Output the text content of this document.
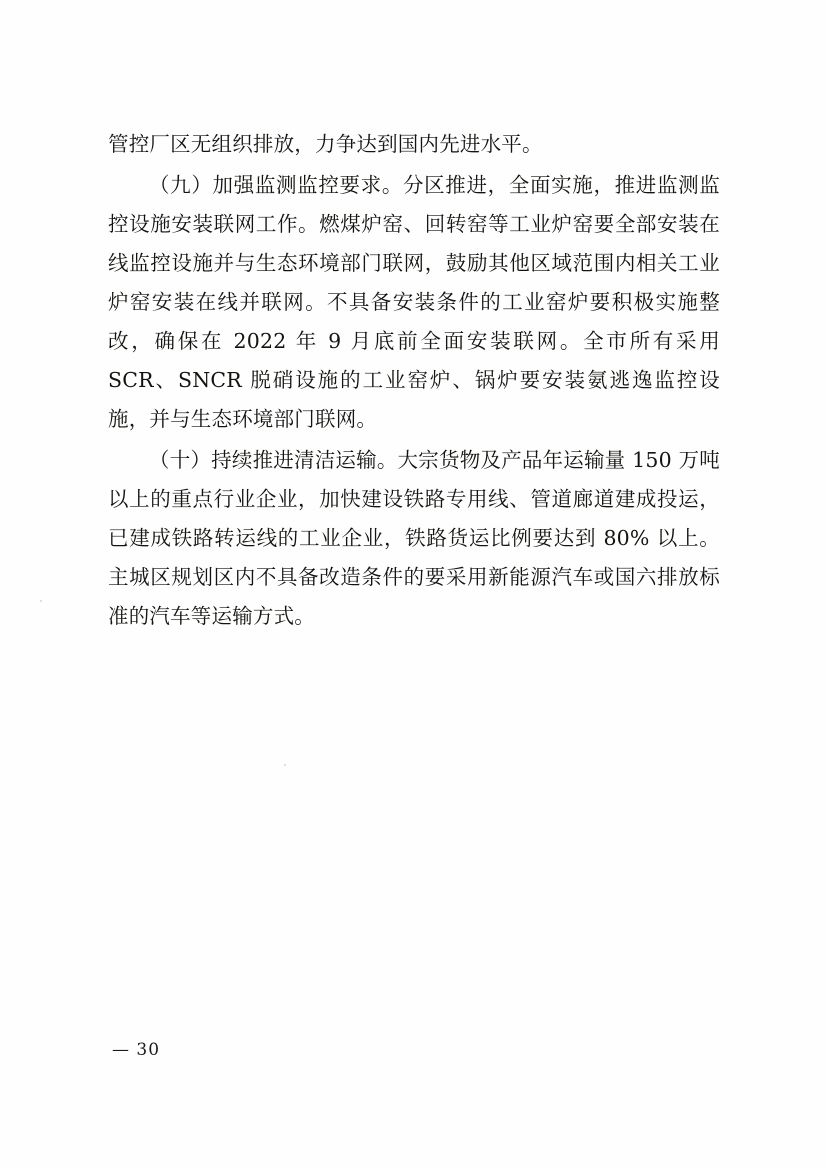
管控厂区无组织排放，力争达到国内先进水平。

（九）加强监测监控要求。分区推进，全面实施，推进监测监控设施安装联网工作。燃煤炉窑、回转窑等工业炉窑要全部安装在线监控设施并与生态环境部门联网，鼓励其他区域范围内相关工业炉窑安装在线并联网。不具备安装条件的工业窑炉要积极实施整改，确保在 2022 年 9 月底前全面安装联网。全市所有采用 SCR、SNCR 脱硝设施的工业窑炉、锅炉要安装氨逃逸监控设施，并与生态环境部门联网。

（十）持续推进清洁运输。大宗货物及产品年运输量 150 万吨以上的重点行业企业，加快建设铁路专用线、管道廊道建成投运，已建成铁路转运线的工业企业，铁路货运比例要达到 80% 以上。主城区规划区内不具备改造条件的要采用新能源汽车或国六排放标准的汽车等运输方式。

— 30
